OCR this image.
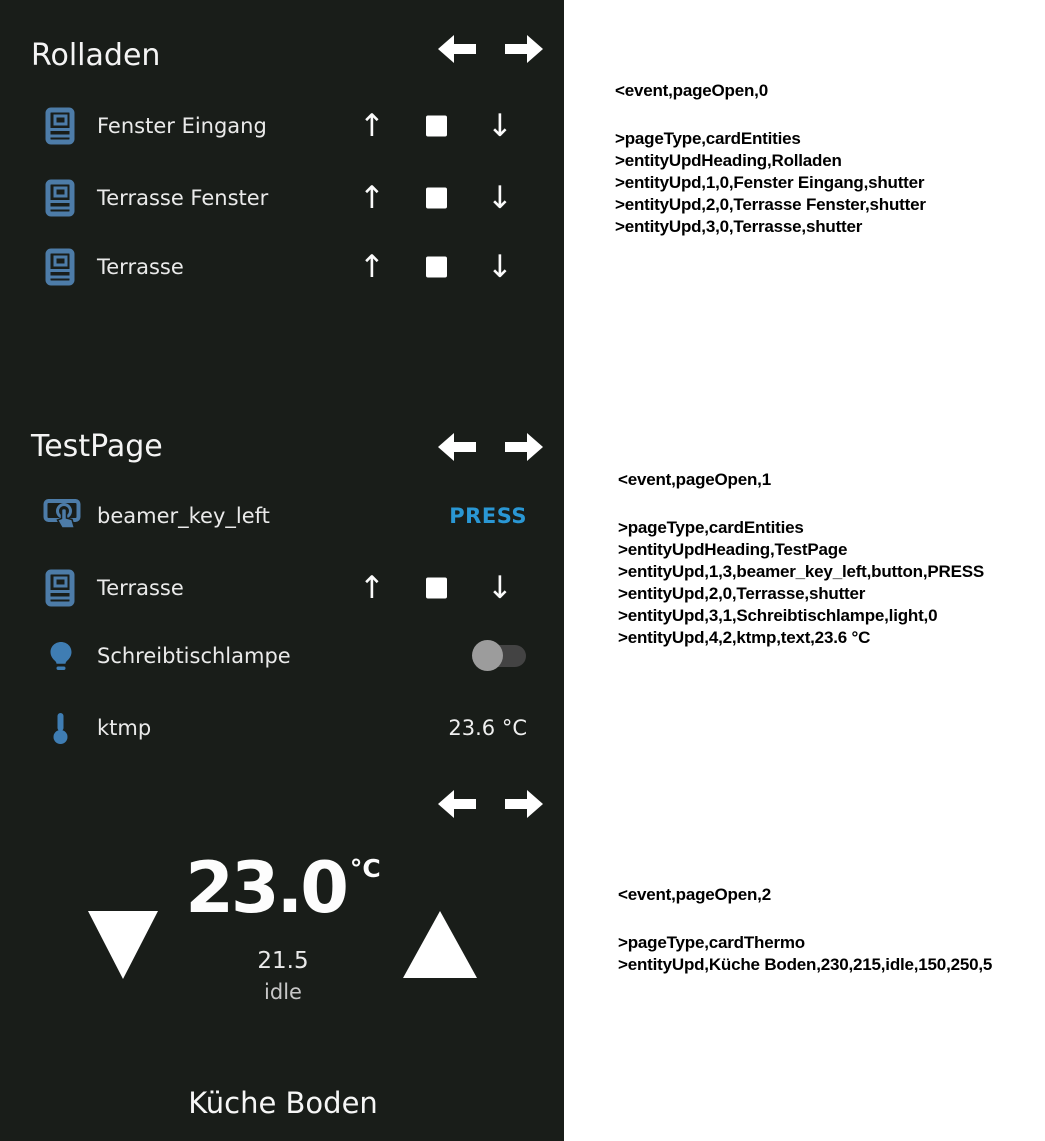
Rolladen
Fenster Eingang	↑	↓
Terrasse Fenster	↑	↓
Terrasse	↑	↓
TestPage
beamer_key_left	PRESS
Terrasse	↑	↓
Schreibtischlampe
ktmp	23.6 °C
23.0 °C
21.5
idle
Küche Boden
<event,pageOpen,0
>pageType,cardEntities
>entityUpdHeading,Rolladen
>entityUpd,1,0,Fenster Eingang,shutter
>entityUpd,2,0,Terrasse Fenster,shutter
>entityUpd,3,0,Terrasse,shutter
<event,pageOpen,1
>pageType,cardEntities
>entityUpdHeading,TestPage
>entityUpd,1,3,beamer_key_left,button,PRESS
>entityUpd,2,0,Terrasse,shutter
>entityUpd,3,1,Schreibtischlampe,light,0
>entityUpd,4,2,ktmp,text,23.6 °C
<event,pageOpen,2
>pageType,cardThermo
>entityUpd,Küche Boden,230,215,idle,150,250,5
